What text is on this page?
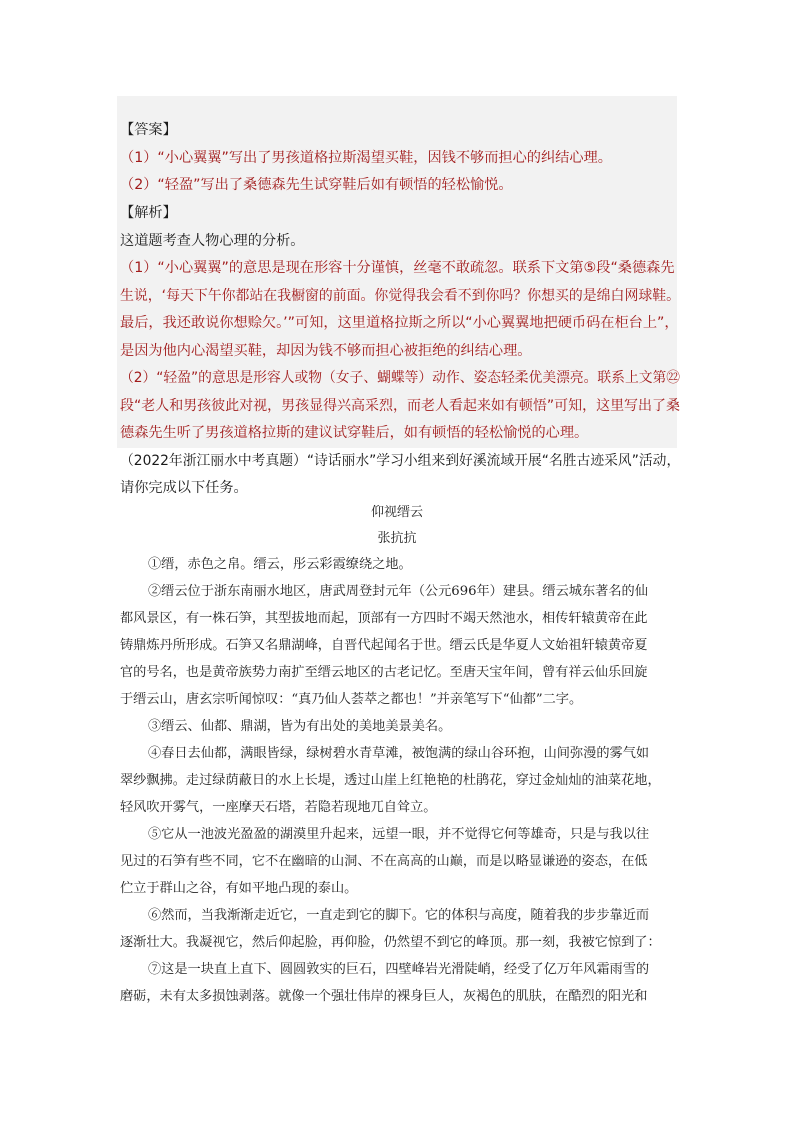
【答案】
（1）“小心翼翼”写出了男孩道格拉斯渴望买鞋，因钱不够而担心的纠结心理。
（2）“轻盈”写出了桑德森先生试穿鞋后如有顿悟的轻松愉悦。
【解析】
这道题考查人物心理的分析。
（1）“小心翼翼”的意思是现在形容十分谨慎，丝毫不敢疏忽。联系下文第⑤段“桑德森先
生说，‘每天下午你都站在我橱窗的前面。你觉得我会看不到你吗？你想买的是绵白网球鞋。
最后，我还敢说你想赊欠。’”可知，这里道格拉斯之所以“小心翼翼地把硬币码在柜台上”，
是因为他内心渴望买鞋，却因为钱不够而担心被拒绝的纠结心理。
（2）“轻盈”的意思是形容人或物（女子、蝴蝶等）动作、姿态轻柔优美漂亮。联系上文第㉒
段“老人和男孩彼此对视，男孩显得兴高采烈，而老人看起来如有顿悟”可知，这里写出了桑
德森先生听了男孩道格拉斯的建议试穿鞋后，如有顿悟的轻松愉悦的心理。
（2022年浙江丽水中考真题）“诗话丽水”学习小组来到好溪流域开展“名胜古迹采风”活动，
请你完成以下任务。
仰视缙云
张抗抗
①缙，赤色之帛。缙云，彤云彩霞缭绕之地。
②缙云位于浙东南丽水地区，唐武周登封元年（公元696年）建县。缙云城东著名的仙
都风景区，有一株石笋，其型拔地而起，顶部有一方四时不竭天然池水，相传轩辕黄帝在此
铸鼎炼丹所形成。石笋又名鼎湖峰，自晋代起闻名于世。缙云氏是华夏人文始祖轩辕黄帝夏
官的号名，也是黄帝族势力南扩至缙云地区的古老记忆。至唐天宝年间，曾有祥云仙乐回旋
于缙云山，唐玄宗听闻惊叹：“真乃仙人荟萃之都也！”并亲笔写下“仙都”二字。
③缙云、仙都、鼎湖，皆为有出处的美地美景美名。
④春日去仙都，满眼皆绿，绿树碧水青草滩，被饱满的绿山谷环抱，山间弥漫的雾气如
翠纱飘拂。走过绿荫蔽日的水上长堤，透过山崖上红艳艳的杜鹃花，穿过金灿灿的油菜花地，
轻风吹开雾气，一座摩天石塔，若隐若现地兀自耸立。
⑤它从一池波光盈盈的湖漠里升起来，远望一眼，并不觉得它何等雄奇，只是与我以往
见过的石笋有些不同，它不在幽暗的山洞、不在高高的山巅，而是以略显谦逊的姿态，在低
伫立于群山之谷，有如平地凸现的泰山。
⑥然而，当我渐渐走近它，一直走到它的脚下。它的体积与高度，随着我的步步靠近而
逐渐壮大。我凝视它，然后仰起脸，再仰脸，仍然望不到它的峰顶。那一刻，我被它惊到了：
⑦这是一块直上直下、圆圆敦实的巨石，四壁峰岩光滑陡峭，经受了亿万年风霜雨雪的
磨砺，未有太多损蚀剥落。就像一个强壮伟岸的裸身巨人，灰褐色的肌肤，在酷烈的阳光和
